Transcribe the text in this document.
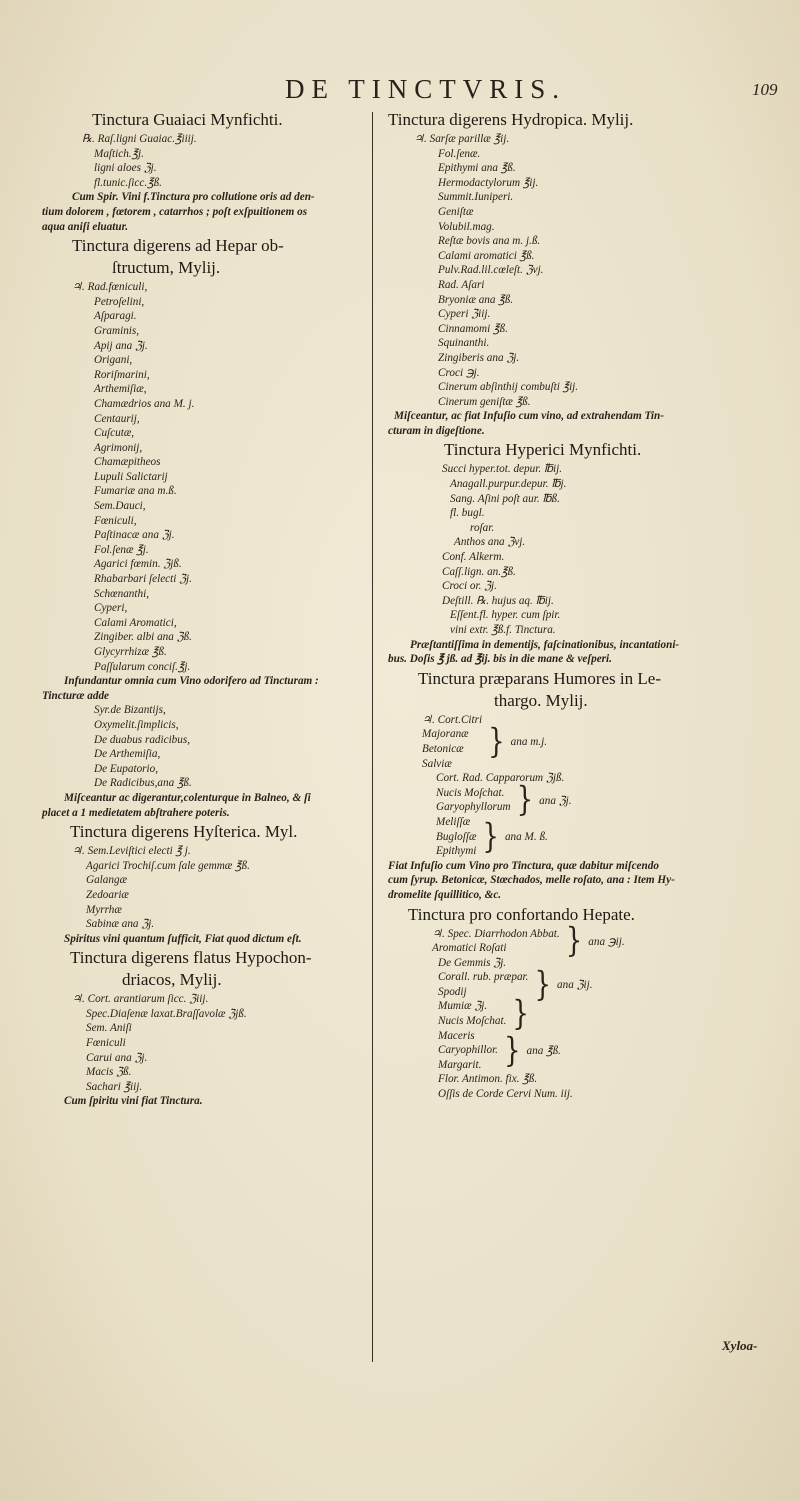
DE TINCTVRIS.	109
Tinctura Guaiaci Mynfichti.
℞. Raſ.ligni Guaiac.℥iiij.
Maſtich.℥j.
ligni aloes ℨj.
fl.tunic.ſicc.℥ß.
Cum Spir. Vini f.Tinctura pro collutione oris ad den-
tium dolorem , fœtorem , catarrhos ; poſt exſpuitionem os
aqua aniſi eluatur.
Tinctura digerens ad Hepar ob-
ſtructum, Mylij.
♃. Rad.fœniculi,
Petroſelini,
Aſparagi.
Graminis,
Apij ana ℨj.
Origani,
Roriſmarini,
Arthemiſiæ,
Chamædrios ana M. j.
Centaurij,
Cuſcutæ,
Agrimonij,
Chamæpitheos
Lupuli Salictarij
Fumariæ ana m.ß.
Sem.Dauci,
Fœniculi,
Paſtinacæ ana ℨj.
Fol.ſenæ ℥j.
Agarici fœmin. ℨjß.
Rhabarbari ſelecti ℨj.
Schœnanthi,
Cyperi,
Calami Aromatici,
Zingiber. albi ana ℨß.
Glycyrrhizæ ℥ß.
Paſſularum conciſ.℥j.
Infundantur omnia cum Vino odorifero ad Tincturam :
Tincturæ adde
Syr.de Bizantijs,
Oxymelit.ſimplicis,
De duabus radicibus,
De Arthemiſia,
De Eupatorio,
De Radicibus,ana ℥ß.
Miſceantur ac digerantur,colenturque in Balneo, & ſi
placet a 1 medietatem abſtrahere poteris.
Tinctura digerens Hyſterica. Myl.
♃. Sem.Leviſtici electi ℥ j.
Agarici Trochiſ.cum ſale gemmæ ℥ß.
Galangæ
Zedoariæ
Myrrhæ
Sabinæ ana ℨj.
Spiritus vini quantum ſufficit, Fiat quod dictum eſt.
Tinctura digerens flatus Hypochon-
driacos, Mylij.
♃. Cort. arantiarum ſicc. ℨiij.
Spec.Diaſenæ laxat.Braſſavolæ ℨjß.
Sem. Aniſi
Fœniculi
Carui ana ℨj.
Macis ℨß.
Sachari ℥iij.
Cum ſpiritu vini fiat Tinctura.
Tinctura digerens Hydropica. Mylij.
♃. Sarſæ parillæ ℥ij.
Fol.ſenæ.
Epithymi ana ℥ß.
Hermodactylorum ℥ij.
Summit.Iuniperi.
Geniſtæ
Volubil.mag.
Reſtæ bovis ana m. j.ß.
Calami aromatici ℥ß.
Pulv.Rad.lil.cœleſt. ℨvj.
Rad. Aſari
Bryoniæ ana ℥ß.
Cyperi ℨiij.
Cinnamomi ℥ß.
Squinanthi.
Zingiberis ana ℨj.
Croci ℈j.
Cinerum abſinthij combuſti ℥ij.
Cinerum geniſtæ ℥ß.
Miſceantur, ac fiat Infuſio cum vino, ad extrahendam Tin-
cturam in digeſtione.
Tinctura Hyperici Mynfichti.
Succi hyper.tot. depur. ℔ij.
Anagall.purpur.depur. ℔j.
Sang. Aſini poſt aur. ℔ß.
fl. bugl.
roſar.
Anthos ana ℨvj.
Conf. Alkerm.
Caſſ.lign. an.℥ß.
Croci or. ℨj.
Deſtill. ℞. hujus aq. ℔ij.
Eſſent.fl. hyper. cum ſpir.
vini extr. ℥ß.f. Tinctura.
Præſtantiſſima in dementijs, faſcinationibus, incantationi-
bus. Doſis ℥ jß. ad ℥ij. bis in die mane & veſperi.
Tinctura præparans Humores in Le-
thargo. Mylij.
♃. Cort.Citri
Majoranæ
Betonicæ
Salviæ
} ana m.j.
Cort. Rad. Capparorum ℨjß.
Nucis Moſchat.
Garyophyllorum } ana ℨj.
Meliſſæ
Bugloſſæ
Epithymi } ana M. ß.
Fiat Infuſio cum Vino pro Tinctura, quæ dabitur miſcendo
cum ſyrup. Betonicæ, Stœchados, melle roſato, ana : Item Hy-
dromelite ſquillitico, &c.
Tinctura pro confortando Hepate.
♃. Spec. Diarrhodon Abbat.
Aromatici Roſati	} ana ℈ij.
De Gemmis ℨj.
Corall. rub. præpar.
Spodij	} ana ℨij.
Mumiæ ℨj.
Nucis Moſchat. }
Maceris
Caryophillor.
Margarit. } ana ℥ß.
Flor. Antimon. fix. ℥ß.
Oſſis de Corde Cervi Num. iij.
Xyloa-
